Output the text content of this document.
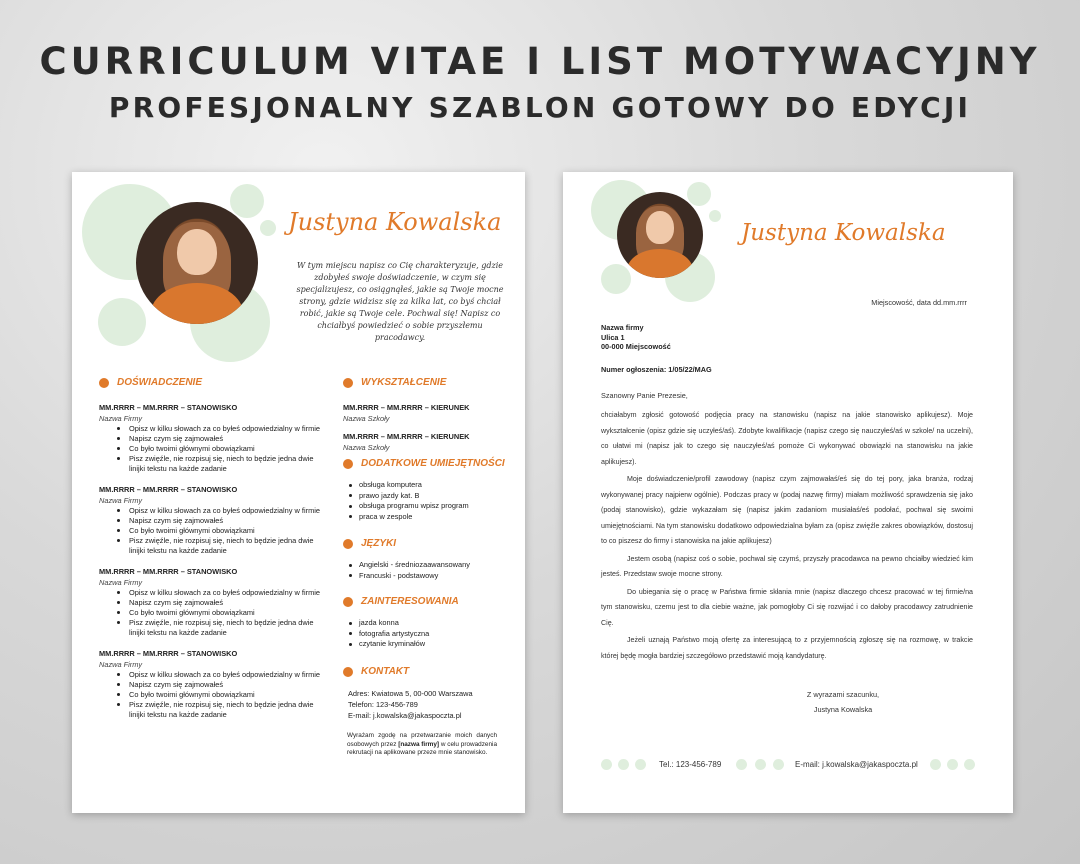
CURRICULUM VITAE I LIST MOTYWACYJNY
PROFESJONALNY SZABLON GOTOWY DO EDYCJI
Justyna Kowalska
W tym miejscu napisz co Cię charakteryzuje, gdzie zdobyłeś swoje doświadczenie, w czym się specjalizujesz, co osiągnąłeś, jakie są Twoje mocne strony, gdzie widzisz się za kilka lat, co byś chciał robić, jakie są Twoje cele. Pochwal się! Napisz co chciałbyś powiedzieć o sobie przyszłemu pracodawcy.
DOŚWIADCZENIE
MM.RRRR – MM.RRRR – STANOWISKO
Nazwa Firmy
Opisz w kilku słowach za co byłeś odpowiedzialny w firmie
Napisz czym się zajmowałeś
Co było twoimi głównymi obowiązkami
Pisz zwięźle, nie rozpisuj się, niech to będzie jedna dwie linijki tekstu na każde zadanie
MM.RRRR – MM.RRRR – STANOWISKO
Nazwa Firmy
Opisz w kilku słowach za co byłeś odpowiedzialny w firmie
Napisz czym się zajmowałeś
Co było twoimi głównymi obowiązkami
Pisz zwięźle, nie rozpisuj się, niech to będzie jedna dwie linijki tekstu na każde zadanie
MM.RRRR – MM.RRRR – STANOWISKO
Nazwa Firmy
Opisz w kilku słowach za co byłeś odpowiedzialny w firmie
Napisz czym się zajmowałeś
Co było twoimi głównymi obowiązkami
Pisz zwięźle, nie rozpisuj się, niech to będzie jedna dwie linijki tekstu na każde zadanie
MM.RRRR – MM.RRRR – STANOWISKO
Nazwa Firmy
Opisz w kilku słowach za co byłeś odpowiedzialny w firmie
Napisz czym się zajmowałeś
Co było twoimi głównymi obowiązkami
Pisz zwięźle, nie rozpisuj się, niech to będzie jedna dwie linijki tekstu na każde zadanie
WYKSZTAŁCENIE
MM.RRRR – MM.RRRR – KIERUNEK
Nazwa Szkoły
MM.RRRR – MM.RRRR – KIERUNEK
Nazwa Szkoły
DODATKOWE UMIEJĘTNOŚCI
obsługa komputera
prawo jazdy kat. B
obsługa programu wpisz program
praca w zespole
JĘZYKI
Angielski - średniozaawansowany
Francuski - podstawowy
ZAINTERESOWANIA
jazda konna
fotografia artystyczna
czytanie kryminałów
KONTAKT
Adres: Kwiatowa 5, 00-000 Warszawa
Telefon: 123-456-789
E-mail: j.kowalska@jakaspoczta.pl
Wyrażam zgodę na przetwarzanie moich danych osobowych przez [nazwa firmy] w celu prowadzenia rekrutacji na aplikowane przeze mnie stanowisko.
Justyna Kowalska
Miejscowość, data dd.mm.rrrr
Nazwa firmy
Ulica 1
00-000 Miejscowość
Numer ogłoszenia: 1/05/22/MAG
Szanowny Panie Prezesie,

chciałabym zgłosić gotowość podjęcia pracy na stanowisku (napisz na jakie stanowisko aplikujesz). Moje wykształcenie (opisz gdzie się uczyłeś/aś). Zdobyte kwalifikacje (napisz czego się nauczyłeś/aś w szkole/ na uczelni), co ułatwi mi (napisz jak to czego się nauczyłeś/aś pomoże Ci wykonywać obowiązki na stanowisku na jakie aplikujesz).

Moje doświadczenie/profil zawodowy (napisz czym zajmowałaś/eś się do tej pory, jaka branża, rodzaj wykonywanej pracy najpierw ogólnie). Podczas pracy w (podaj nazwę firmy) miałam możliwość sprawdzenia się jako (podaj stanowisko), gdzie wykazałam się (napisz jakim zadaniom musiałaś/eś podołać, pochwal się swoimi umiejętnościami. Na tym stanowisku dodatkowo odpowiedzialna byłam za (opisz zwięźle zakres obowiązków, dostosuj to co piszesz do firmy i stanowiska na jakie aplikujesz)

Jestem osobą (napisz coś o sobie, pochwal się czymś, przyszły pracodawca na pewno chciałby wiedzieć kim jesteś. Przedstaw swoje mocne strony.

Do ubiegania się o pracę w Państwa firmie skłania mnie (napisz dlaczego chcesz pracować w tej firmie/na tym stanowisku, czemu jest to dla ciebie ważne, jak pomogłoby Ci się rozwijać i co dałoby pracodawcy zatrudnienie Cię.

Jeżeli uznają Państwo moją ofertę za interesującą to z przyjemnością zgłoszę się na rozmowę, w trakcie której będę mogła bardziej szczegółowo przedstawić moją kandydaturę.

Z wyrazami szacunku,
Justyna Kowalska
Tel.: 123-456-789	E-mail: j.kowalska@jakaspoczta.pl
